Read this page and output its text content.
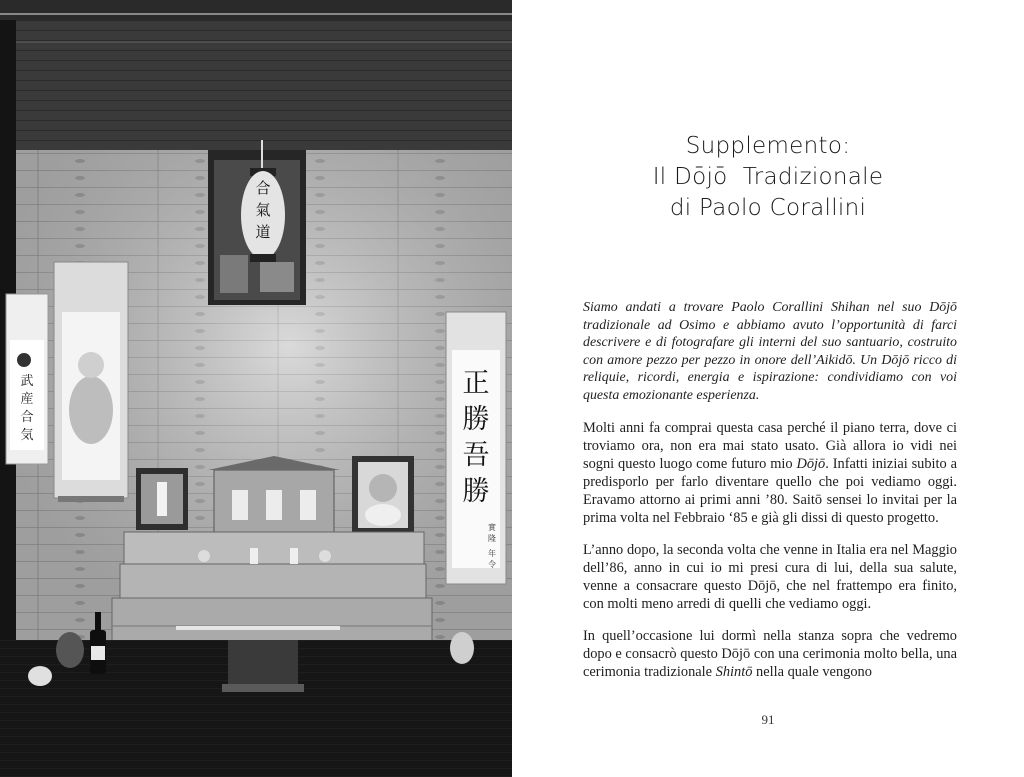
合
氣
道
武
産
合
気
正
勝
吾
勝
實
隆
年
令
Supplemento:
Il Dōjō  Tradizionale
di Paolo Corallini

Siamo andati a trovare Paolo Corallini Shihan nel suo Dōjō tradizionale ad Osimo e abbiamo avuto l’opportunità di farci descrivere e di fotografare gli interni del suo santuario, costruito con amore pezzo per pezzo in onore dell’Aikidō. Un Dōjō ricco di reliquie, ricordi, energia e ispirazione: condividiamo con voi questa emozionante esperienza.

Molti anni fa comprai questa casa perché il piano terra, dove ci troviamo ora, non era mai stato usato. Già allora io vidi nei sogni questo luogo come futuro mio Dōjō. Infatti iniziai subito a predisporlo per farlo diventare quello che poi vediamo oggi. Eravamo attorno ai primi anni ’80. Saitō sensei lo invitai per la prima volta nel Febbraio ‘85 e già gli dissi di questo progetto.

L’anno dopo, la seconda volta che venne in Italia era nel Maggio dell’86, anno in cui io mi presi cura di lui, della sua salute, venne a consacrare questo Dōjō, che nel frattempo era finito, con molti meno arredi di quelli che vediamo oggi.

In quell’occasione lui dormì nella stanza sopra che vedremo dopo e consacrò questo Dōjō con una cerimonia molto bella, una cerimonia tradizionale Shintō nella quale vengono

91
